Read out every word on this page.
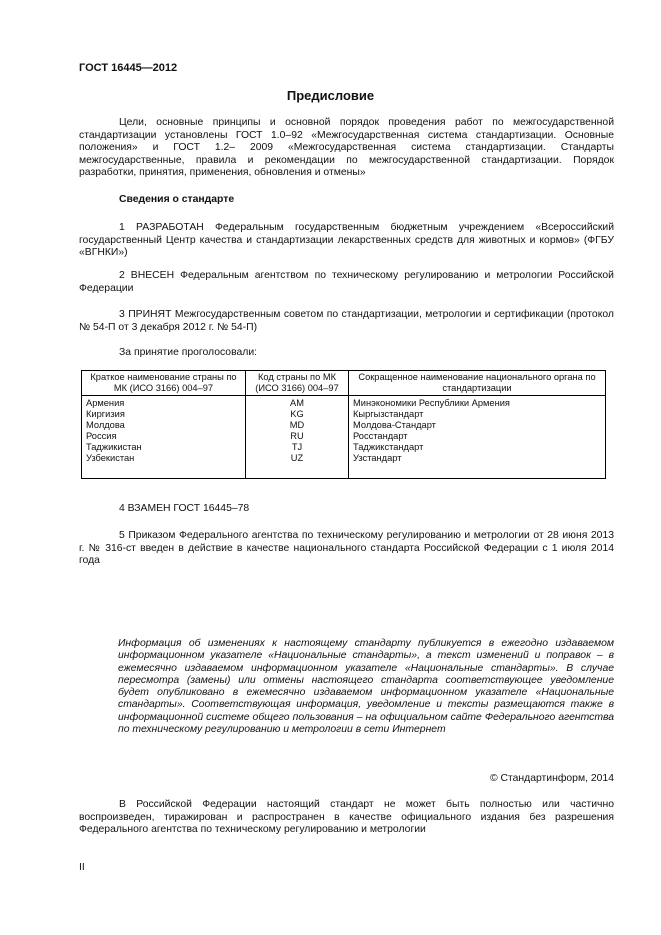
ГОСТ 16445—2012
Предисловие
Цели, основные принципы и основной порядок проведения работ по межгосударственной стандартизации установлены ГОСТ 1.0–92 «Межгосударственная система стандартизации. Основные положения» и ГОСТ 1.2– 2009 «Межгосударственная система стандартизации. Стандарты межгосударственные, правила и рекомендации по межгосударственной стандартизации. Порядок разработки, принятия, применения, обновления и отмены»
Сведения о стандарте
1 РАЗРАБОТАН Федеральным государственным бюджетным учреждением «Всероссийский государственный Центр качества и стандартизации лекарственных средств для животных и кормов» (ФГБУ «ВГНКИ»)
2 ВНЕСЕН Федеральным агентством по техническому регулированию и метрологии Российской Федерации
3 ПРИНЯТ Межгосударственным советом по стандартизации, метрологии и сертификации (протокол № 54-П от 3 декабря 2012 г. № 54-П)
За принятие проголосовали:
Краткое наименование страны по МК (ИСО 3166) 004–97	Код страны по МК (ИСО 3166) 004–97	Сокращенное наименование национального органа по стандартизации
Армения	AM	Минэкономики Республики Армения
Киргизия	KG	Кыргызстандарт
Молдова	MD	Молдова-Стандарт
Россия	RU	Росстандарт
Таджикистан	TJ	Таджикстандарт
Узбекистан	UZ	Узстандарт
4 ВЗАМЕН ГОСТ 16445–78
5 Приказом Федерального агентства по техническому регулированию и метрологии от 28 июня 2013 г. № 316-ст введен в действие в качестве национального стандарта Российской Федерации с 1 июля 2014 года
Информация об изменениях к настоящему стандарту публикуется в ежегодно издаваемом информационном указателе «Национальные стандарты», а текст изменений и поправок – в ежемесячно издаваемом информационном указателе «Национальные стандарты». В случае пересмотра (замены) или отмены настоящего стандарта соответствующее уведомление будет опубликовано в ежемесячно издаваемом информационном указателе «Национальные стандарты». Соответствующая информация, уведомление и тексты размещаются также в информационной системе общего пользования – на официальном сайте Федерального агентства по техническому регулированию и метрологии в сети Интернет
© Стандартинформ, 2014
В Российской Федерации настоящий стандарт не может быть полностью или частично воспроизведен, тиражирован и распространен в качестве официального издания без разрешения Федерального агентства по техническому регулированию и метрологии
II
